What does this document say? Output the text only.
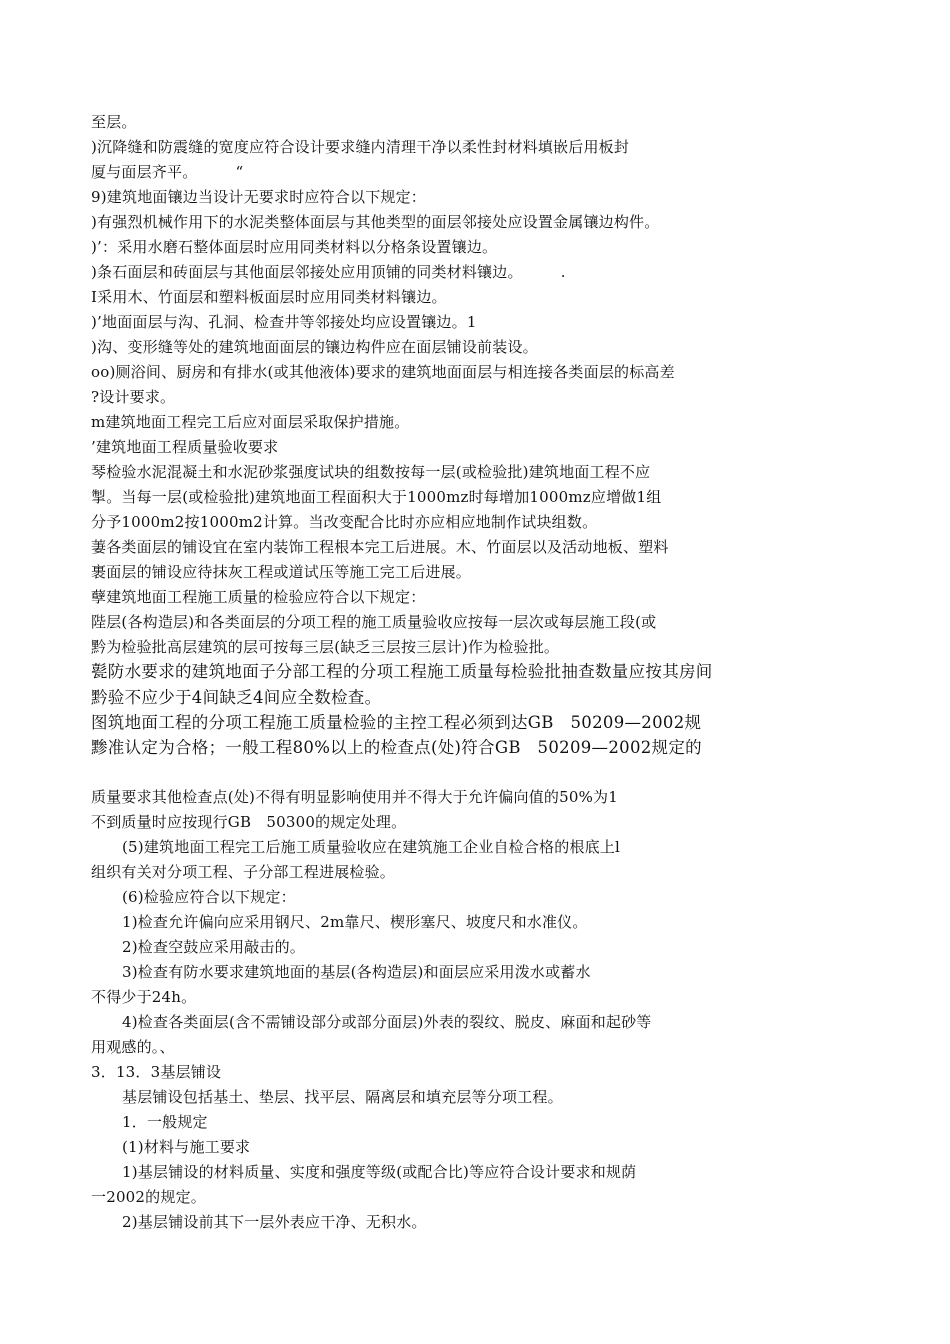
至层。
)沉降缝和防震缝的宽度应符合设计要求缝内清理干净以柔性封材料填嵌后用板封
厦与面层齐平。　　　“
9)建筑地面镶边当设计无要求时应符合以下规定：
)有强烈机械作用下的水泥类整体面层与其他类型的面层邻接处应设置金属镶边构件。
)’：采用水磨石整体面层时应用同类材料以分格条设置镶边。
)条石面层和砖面层与其他面层邻接处应用顶铺的同类材料镶边。　　　.
I采用木、竹面层和塑料板面层时应用同类材料镶边。
)’地面面层与沟、孔洞、检查井等邻接处均应设置镶边。1
)沟、变形缝等处的建筑地面面层的镶边构件应在面层铺设前装设。
oo)厕浴间、厨房和有排水(或其他液体)要求的建筑地面面层与相连接各类面层的标高差
?设计要求。
m建筑地面工程完工后应对面层采取保护措施。
’建筑地面工程质量验收要求
琴检验水泥混凝土和水泥砂浆强度试块的组数按每一层(或检验批)建筑地面工程不应
掣。当每一层(或检验批)建筑地面工程面积大于1000mz时每增加1000mz应增做1组
分予1000m2按1000m2计算。当改变配合比时亦应相应地制作试块组数。
萋各类面层的铺设宜在室内装饰工程根本完工后进展。木、竹面层以及活动地板、塑料
裹面层的铺设应待抹灰工程或道试压等施工完工后进展。
孽建筑地面工程施工质量的检验应符合以下规定：
陛层(各构造层)和各类面层的分项工程的施工质量验收应按每一层次或每层施工段(或
黔为检验批高层建筑的层可按每三层(缺乏三层按三层计)作为检验批。
甏防水要求的建筑地面子分部工程的分项工程施工质量每检验批抽查数量应按其房间
黔验不应少于4间缺乏4间应全数检查。
图筑地面工程的分项工程施工质量检验的主控工程必须到达GB　50209—2002规
黪准认定为合格；一般工程80%以上的检查点(处)符合GB　50209—2002规定的
质量要求其他检查点(处)不得有明显影响使用并不得大于允许偏向值的50%为1
不到质量时应按现行GB　50300的规定处理。
(5)建筑地面工程完工后施工质量验收应在建筑施工企业自检合格的根底上l
组织有关对分项工程、子分部工程进展检验。
(6)检验应符合以下规定：
1)检查允许偏向应采用钢尺、2m靠尺、楔形塞尺、坡度尺和水准仪。
2)检查空鼓应采用敲击的。
3)检查有防水要求建筑地面的基层(各构造层)和面层应采用泼水或蓄水
不得少于24h。
4)检查各类面层(含不需铺设部分或部分面层)外表的裂纹、脱皮、麻面和起砂等
用观感的。、
3．13．3基层铺设
基层铺设包括基土、垫层、找平层、隔离层和填充层等分项工程。
1．一般规定
(1)材料与施工要求
1)基层铺设的材料质量、实度和强度等级(或配合比)等应符合设计要求和规荫
一2002的规定。
2)基层铺设前其下一层外表应干净、无积水。
